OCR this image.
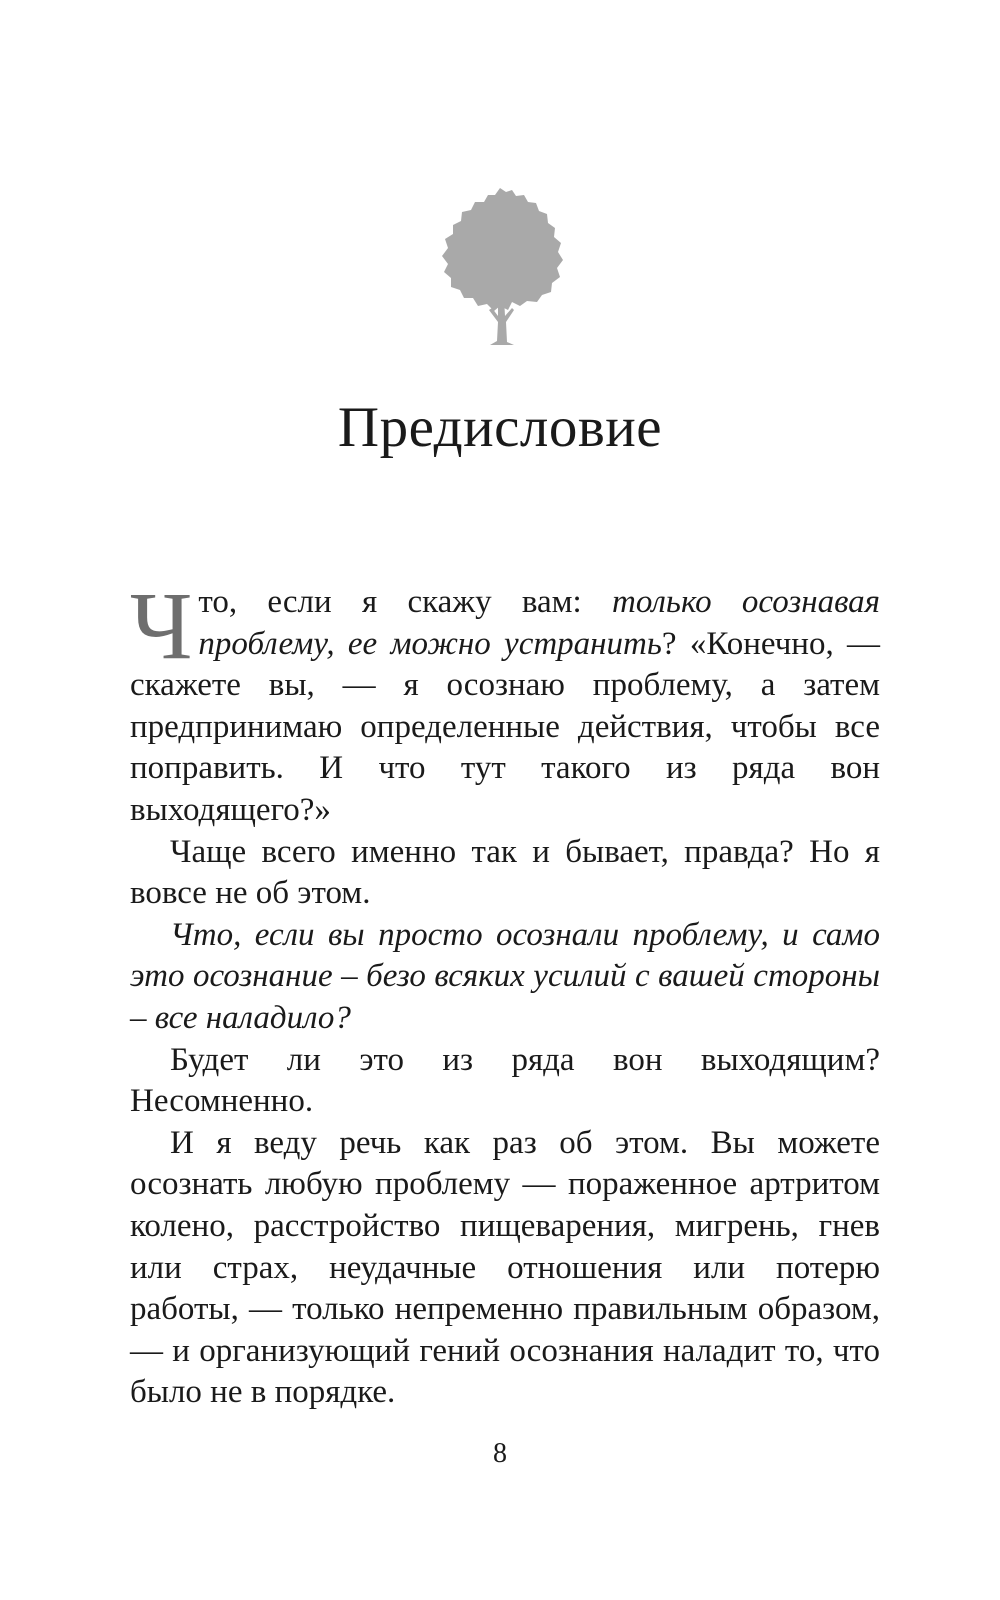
Предисловие

Что, если я скажу вам: только осознавая проблему, ее можно устранить? «Конечно, — скажете вы, — я осознаю проблему, а затем предпринимаю определенные действия, чтобы все поправить. И что тут такого из ряда вон выходящего?»

Чаще всего именно так и бывает, правда? Но я вовсе не об этом.

Что, если вы просто осознали проблему, и само это осознание – безо всяких усилий с вашей стороны – все наладило?

Будет ли это из ряда вон выходящим? Несомненно.

И я веду речь как раз об этом. Вы можете осознать любую проблему — пораженное артритом колено, расстройство пищеварения, мигрень, гнев или страх, неудачные отношения или потерю работы, — только непременно правильным образом, — и организующий гений осознания наладит то, что было не в порядке.

8
